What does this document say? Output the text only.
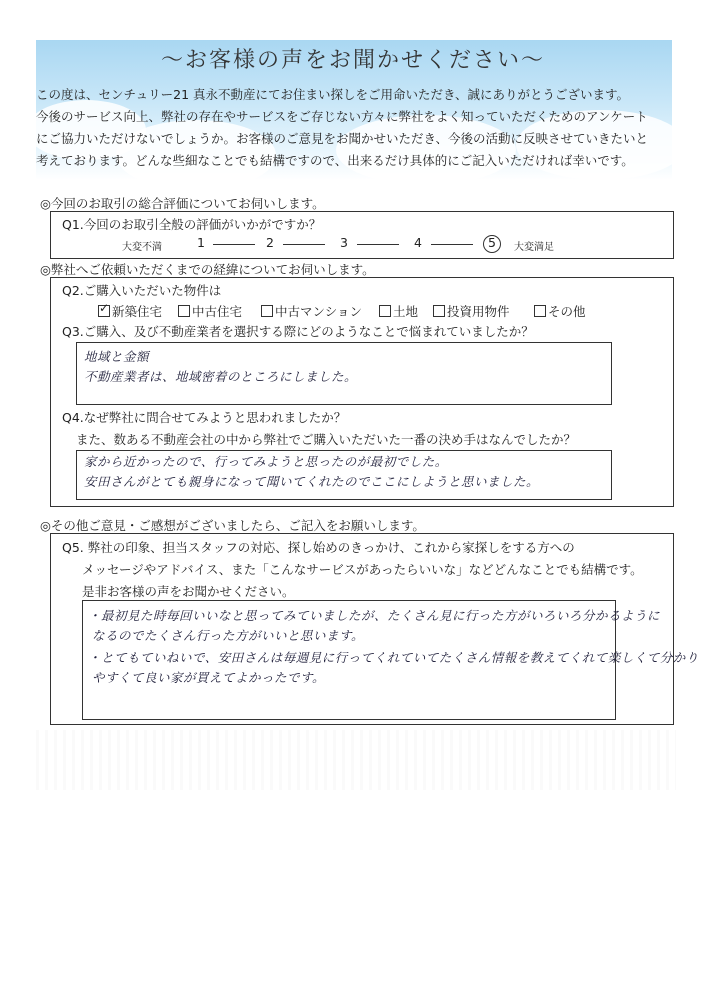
〜お客様の声をお聞かせください〜
この度は、センチュリー21 真永不動産にてお住まい探しをご用命いただき、誠にありがとうございます。
今後のサービス向上、弊社の存在やサービスをご存じない方々に弊社をよく知っていただくためのアンケート
にご協力いただけないでしょうか。お客様のご意見をお聞かせいただき、今後の活動に反映させていきたいと
考えております。どんな些細なことでも結構ですので、出来るだけ具体的にご記入いただければ幸いです。
◎今回のお取引の総合評価についてお伺いします。
Q1.今回のお取引全般の評価がいかがですか？
大変不満	1	2	3	4	5 大変満足
◎弊社へご依頼いただくまでの経緯についてお伺いします。
Q2.ご購入いただいた物件は
✓ 新築住宅	中古住宅	中古マンション	土地	投資用物件	その他
Q3.ご購入、及び不動産業者を選択する際にどのようなことで悩まれていましたか？
地域と金額
不動産業者は、地域密着のところにしました。
Q4.なぜ弊社に問合せてみようと思われましたか？
また、数ある不動産会社の中から弊社でご購入いただいた一番の決め手はなんでしたか？
家から近かったので、行ってみようと思ったのが最初でした。
安田さんがとても親身になって聞いてくれたのでここにしようと思いました。
◎その他ご意見・ご感想がございましたら、ご記入をお願いします。
Q5. 弊社の印象、担当スタッフの対応、探し始めのきっかけ、これから家探しをする方への
メッセージやアドバイス、また「こんなサービスがあったらいいな」などどんなことでも結構です。
是非お客様の声をお聞かせください。
・最初見た時毎回いいなと思ってみていましたが、たくさん見に行った方がいろいろ分かるように
なるのでたくさん行った方がいいと思います。
・とてもていねいで、安田さんは毎週見に行ってくれていてたくさん情報を教えてくれて楽しくて分かり
やすくて良い家が買えてよかったです。
